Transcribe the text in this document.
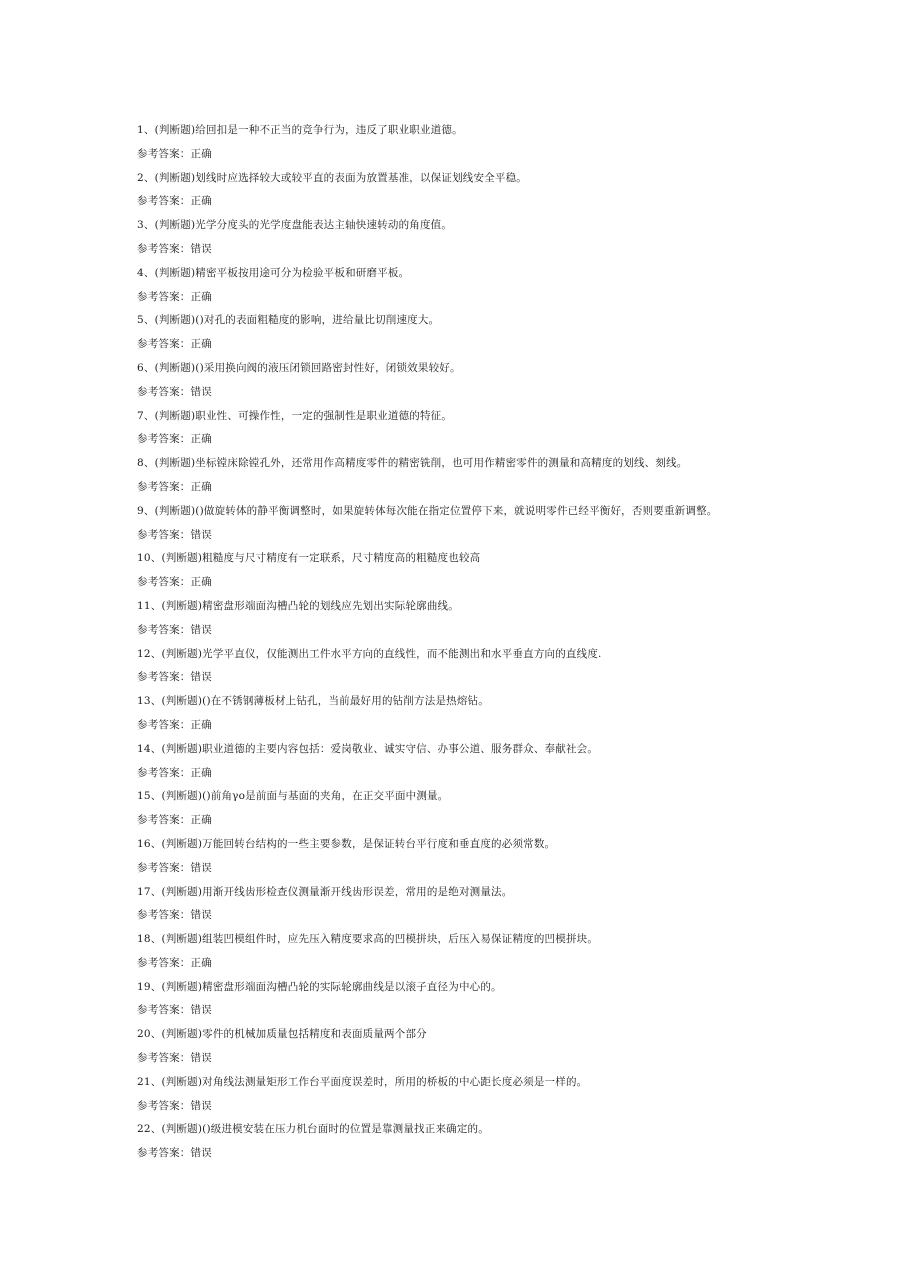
1、(判断题)给回扣是一种不正当的竞争行为，违反了职业职业道德。
参考答案：正确
2、(判断题)划线时应选择较大或较平直的表面为放置基准，以保证划线安全平稳。
参考答案：正确
3、(判断题)光学分度头的光学度盘能表达主轴快速转动的角度值。
参考答案：错误
4、(判断题)精密平板按用途可分为检验平板和研磨平板。
参考答案：正确
5、(判断题)()对孔的表面粗糙度的影响，进给量比切削速度大。
参考答案：正确
6、(判断题)()采用换向阀的液压闭锁回路密封性好，闭锁效果较好。
参考答案：错误
7、(判断题)职业性、可操作性，一定的强制性是职业道德的特征。
参考答案：正确
8、(判断题)坐标镗床除镗孔外，还常用作高精度零件的精密铣削，也可用作精密零件的测量和高精度的划线、刻线。
参考答案：正确
9、(判断题)()做旋转体的静平衡调整时，如果旋转体每次能在指定位置停下来，就说明零件已经平衡好，否则要重新调整。
参考答案：错误
10、(判断题)粗糙度与尺寸精度有一定联系，尺寸精度高的粗糙度也较高
参考答案：正确
11、(判断题)精密盘形端面沟槽凸轮的划线应先划出实际轮廓曲线。
参考答案：错误
12、(判断题)光学平直仪，仅能测出工件水平方向的直线性，而不能测出和水平垂直方向的直线度.
参考答案：错误
13、(判断题)()在不锈钢薄板材上钻孔，当前最好用的钻削方法是热熔钻。
参考答案：正确
14、(判断题)职业道德的主要内容包括：爱岗敬业、诚实守信、办事公道、服务群众、奉献社会。
参考答案：正确
15、(判断题)()前角γo是前面与基面的夹角，在正交平面中测量。
参考答案：正确
16、(判断题)万能回转台结构的一些主要参数，是保证转台平行度和垂直度的必须常数。
参考答案：错误
17、(判断题)用渐开线齿形检查仪测量渐开线齿形误差，常用的是绝对测量法。
参考答案：错误
18、(判断题)组装凹模组件时，应先压入精度要求高的凹模拼块，后压入易保证精度的凹模拼块。
参考答案：正确
19、(判断题)精密盘形端面沟槽凸轮的实际轮廓曲线是以滚子直径为中心的。
参考答案：错误
20、(判断题)零件的机械加质量包括精度和表面质量两个部分
参考答案：错误
21、(判断题)对角线法测量矩形工作台平面度误差时，所用的桥板的中心距长度必须是一样的。
参考答案：错误
22、(判断题)()级进模安装在压力机台面时的位置是靠测量找正来确定的。
参考答案：错误
